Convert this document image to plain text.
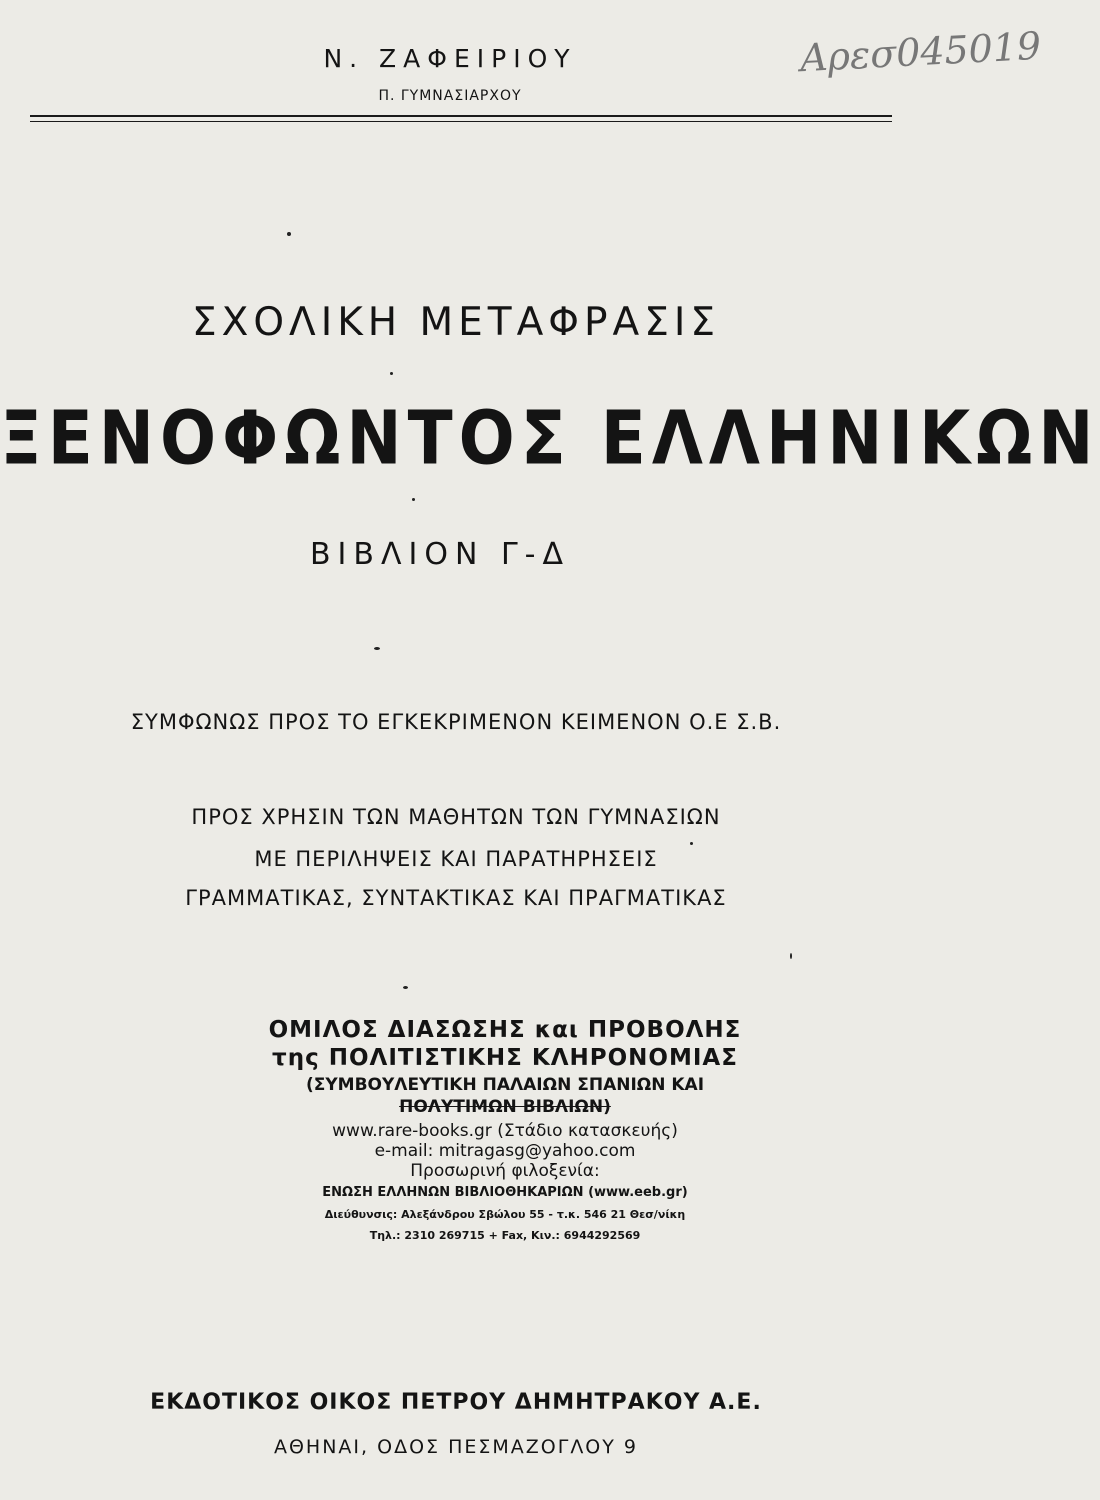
Ν. ΖΑΦΕΙΡΙΟΥ
Π. ΓΥΜΝΑΣΙΑΡΧΟΥ
Αρεσ045019
ΣΧΟΛΙΚΗ ΜΕΤΑΦΡΑΣΙΣ
ΞΕΝΟΦΩΝΤΟΣ ΕΛΛΗΝΙΚΩΝ
ΒΙΒΛΙΟΝ Γ-Δ
ΣΥΜΦΩΝΩΣ ΠΡΟΣ ΤΟ ΕΓΚΕΚΡΙΜΕΝΟΝ ΚΕΙΜΕΝΟΝ Ο.Ε Σ.Β.
ΠΡΟΣ ΧΡΗΣΙΝ ΤΩΝ ΜΑΘΗΤΩΝ ΤΩΝ ΓΥΜΝΑΣΙΩΝ
ΜΕ ΠΕΡΙΛΗΨΕΙΣ ΚΑΙ ΠΑΡΑΤΗΡΗΣΕΙΣ
ΓΡΑΜΜΑΤΙΚΑΣ, ΣΥΝΤΑΚΤΙΚΑΣ ΚΑΙ ΠΡΑΓΜΑΤΙΚΑΣ
ΟΜΙΛΟΣ ΔΙΑΣΩΣΗΣ και ΠΡΟΒΟΛΗΣ
της ΠΟΛΙΤΙΣΤΙΚΗΣ ΚΛΗΡΟΝΟΜΙΑΣ
(ΣΥΜΒΟΥΛΕΥΤΙΚΗ ΠΑΛΑΙΩΝ ΣΠΑΝΙΩΝ ΚΑΙ
ΠΟΛΥΤΙΜΩΝ ΒΙΒΛΙΩΝ)
www.rare-books.gr (Στάδιο κατασκευής)
e-mail: mitragasg@yahoo.com
Προσωρινή φιλοξενία:
ΕΝΩΣΗ ΕΛΛΗΝΩΝ ΒΙΒΛΙΟΘΗΚΑΡΙΩΝ (www.eeb.gr)
Διεύθυνσις: Αλεξάνδρου Σβώλου 55 - τ.κ. 546 21 Θεσ/νίκη
Τηλ.: 2310 269715 + Fax, Κιν.: 6944292569
ΕΚΔΟΤΙΚΟΣ ΟΙΚΟΣ ΠΕΤΡΟΥ ΔΗΜΗΤΡΑΚΟΥ Α.Ε.
ΑΘΗΝΑΙ, ΟΔΟΣ ΠΕΣΜΑΖΟΓΛΟΥ 9
